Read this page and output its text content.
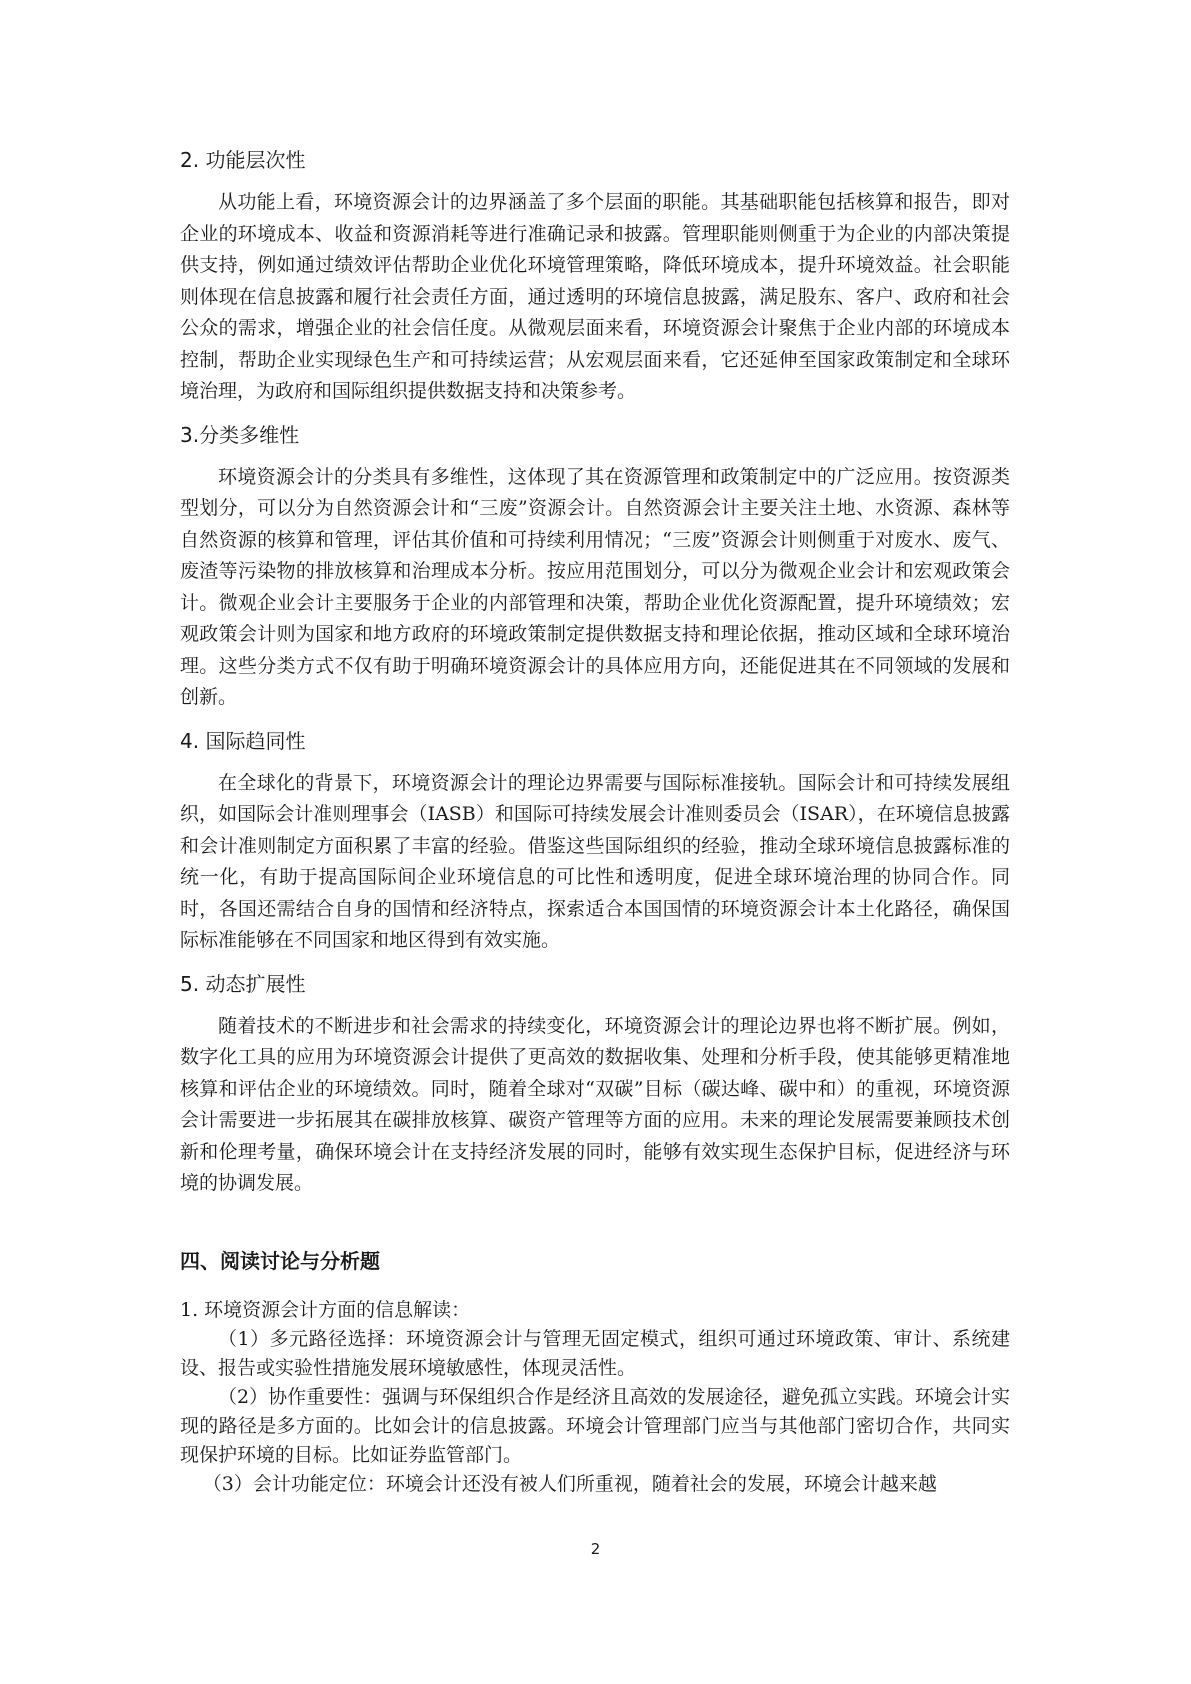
2. 功能层次性

从功能上看，环境资源会计的边界涵盖了多个层面的职能。其基础职能包括核算和报告，即对企业的环境成本、收益和资源消耗等进行准确记录和披露。管理职能则侧重于为企业的内部决策提供支持，例如通过绩效评估帮助企业优化环境管理策略，降低环境成本，提升环境效益。社会职能则体现在信息披露和履行社会责任方面，通过透明的环境信息披露，满足股东、客户、政府和社会公众的需求，增强企业的社会信任度。从微观层面来看，环境资源会计聚焦于企业内部的环境成本控制，帮助企业实现绿色生产和可持续运营；从宏观层面来看，它还延伸至国家政策制定和全球环境治理，为政府和国际组织提供数据支持和决策参考。

3.分类多维性

环境资源会计的分类具有多维性，这体现了其在资源管理和政策制定中的广泛应用。按资源类型划分，可以分为自然资源会计和“三废”资源会计。自然资源会计主要关注土地、水资源、森林等自然资源的核算和管理，评估其价值和可持续利用情况；“三废”资源会计则侧重于对废水、废气、废渣等污染物的排放核算和治理成本分析。按应用范围划分，可以分为微观企业会计和宏观政策会计。微观企业会计主要服务于企业的内部管理和决策，帮助企业优化资源配置，提升环境绩效；宏观政策会计则为国家和地方政府的环境政策制定提供数据支持和理论依据，推动区域和全球环境治理。这些分类方式不仅有助于明确环境资源会计的具体应用方向，还能促进其在不同领域的发展和创新。

4. 国际趋同性

在全球化的背景下，环境资源会计的理论边界需要与国际标准接轨。国际会计和可持续发展组织，如国际会计准则理事会（IASB）和国际可持续发展会计准则委员会（ISAR），在环境信息披露和会计准则制定方面积累了丰富的经验。借鉴这些国际组织的经验，推动全球环境信息披露标准的统一化，有助于提高国际间企业环境信息的可比性和透明度，促进全球环境治理的协同合作。同时，各国还需结合自身的国情和经济特点，探索适合本国国情的环境资源会计本土化路径，确保国际标准能够在不同国家和地区得到有效实施。

5. 动态扩展性

随着技术的不断进步和社会需求的持续变化，环境资源会计的理论边界也将不断扩展。例如，数字化工具的应用为环境资源会计提供了更高效的数据收集、处理和分析手段，使其能够更精准地核算和评估企业的环境绩效。同时，随着全球对“双碳”目标（碳达峰、碳中和）的重视，环境资源会计需要进一步拓展其在碳排放核算、碳资产管理等方面的应用。未来的理论发展需要兼顾技术创新和伦理考量，确保环境会计在支持经济发展的同时，能够有效实现生态保护目标，促进经济与环境的协调发展。

四、阅读讨论与分析题

1. 环境资源会计方面的信息解读：

（1）多元路径选择：环境资源会计与管理无固定模式，组织可通过环境政策、审计、系统建设、报告或实验性措施发展环境敏感性，体现灵活性。

（2）协作重要性：强调与环保组织合作是经济且高效的发展途径，避免孤立实践。环境会计实现的路径是多方面的。比如会计的信息披露。环境会计管理部门应当与其他部门密切合作，共同实现保护环境的目标。比如证券监管部门。

（3）会计功能定位：环境会计还没有被人们所重视，随着社会的发展，环境会计越来越

2
